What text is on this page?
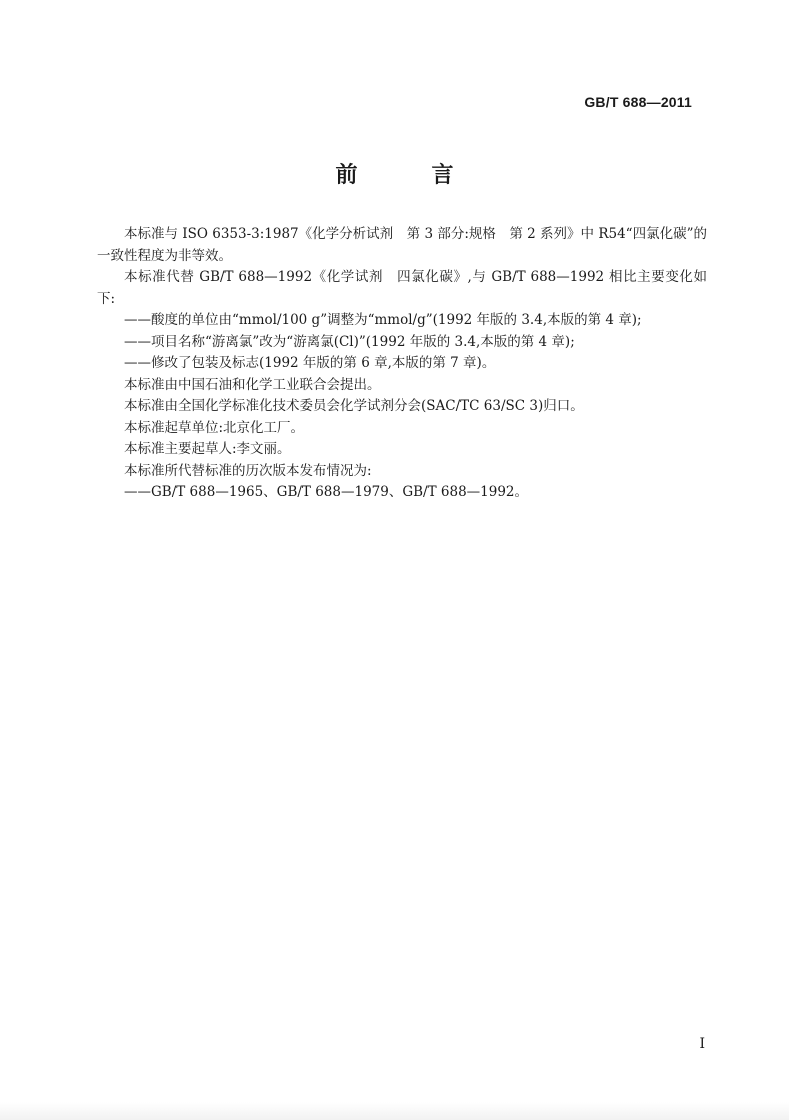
GB/T 688—2011
前　言

本标准与 ISO 6353-3:1987《化学分析试剂　第 3 部分:规格　第 2 系列》中 R54“四氯化碳”的一致性程度为非等效。

本标准代替 GB/T 688—1992《化学试剂　四氯化碳》,与 GB/T 688—1992 相比主要变化如下:

——酸度的单位由“mmol/100 g”调整为“mmol/g”(1992 年版的 3.4,本版的第 4 章);

——项目名称“游离氯”改为“游离氯(Cl)”(1992 年版的 3.4,本版的第 4 章);

——修改了包装及标志(1992 年版的第 6 章,本版的第 7 章)。

本标准由中国石油和化学工业联合会提出。

本标准由全国化学标准化技术委员会化学试剂分会(SAC/TC 63/SC 3)归口。

本标准起草单位:北京化工厂。

本标准主要起草人:李文丽。

本标准所代替标准的历次版本发布情况为:

——GB/T 688—1965、GB/T 688—1979、GB/T 688—1992。

I
